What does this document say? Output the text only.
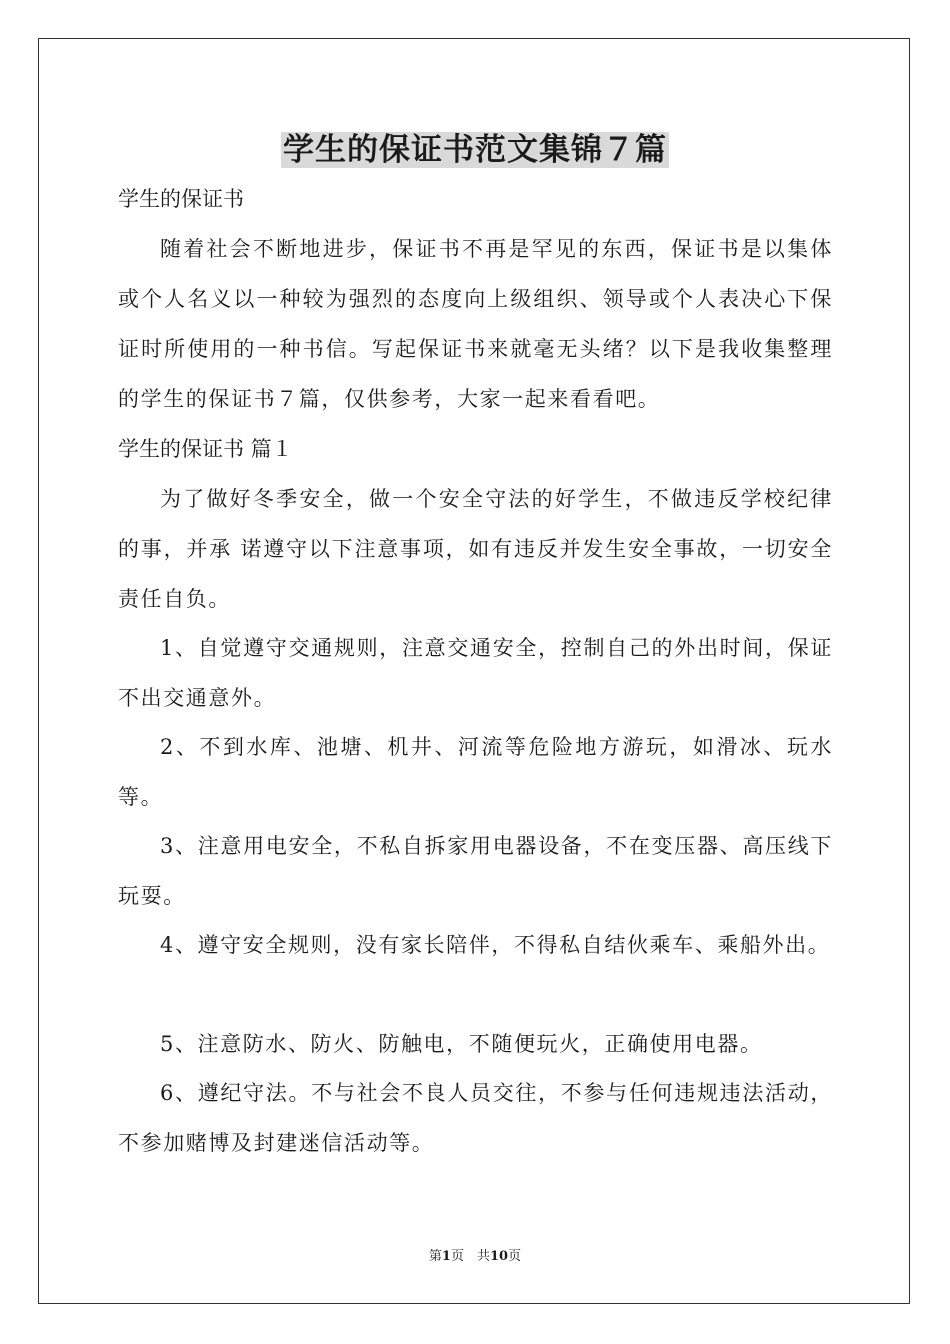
学生的保证书范文集锦７篇

学生的保证书

随着社会不断地进步，保证书不再是罕见的东西，保证书是以集体或个人名义以一种较为强烈的态度向上级组织、领导或个人表决心下保证时所使用的一种书信。写起保证书来就毫无头绪？以下是我收集整理的学生的保证书７篇，仅供参考，大家一起来看看吧。

学生的保证书 篇１

为了做好冬季安全，做一个安全守法的好学生，不做违反学校纪律的事，并承 诺遵守以下注意事项，如有违反并发生安全事故，一切安全责任自负。

1、自觉遵守交通规则，注意交通安全，控制自己的外出时间，保证不出交通意外。

2、不到水库、池塘、机井、河流等危险地方游玩，如滑冰、玩水等。

3、注意用电安全，不私自拆家用电器设备，不在变压器、高压线下玩耍。

4、遵守安全规则，没有家长陪伴，不得私自结伙乘车、乘船外出。

5、注意防水、防火、防触电，不随便玩火，正确使用电器。

6、遵纪守法。不与社会不良人员交往，不参与任何违规违法活动，不参加赌博及封建迷信活动等。

第1页　共10页
